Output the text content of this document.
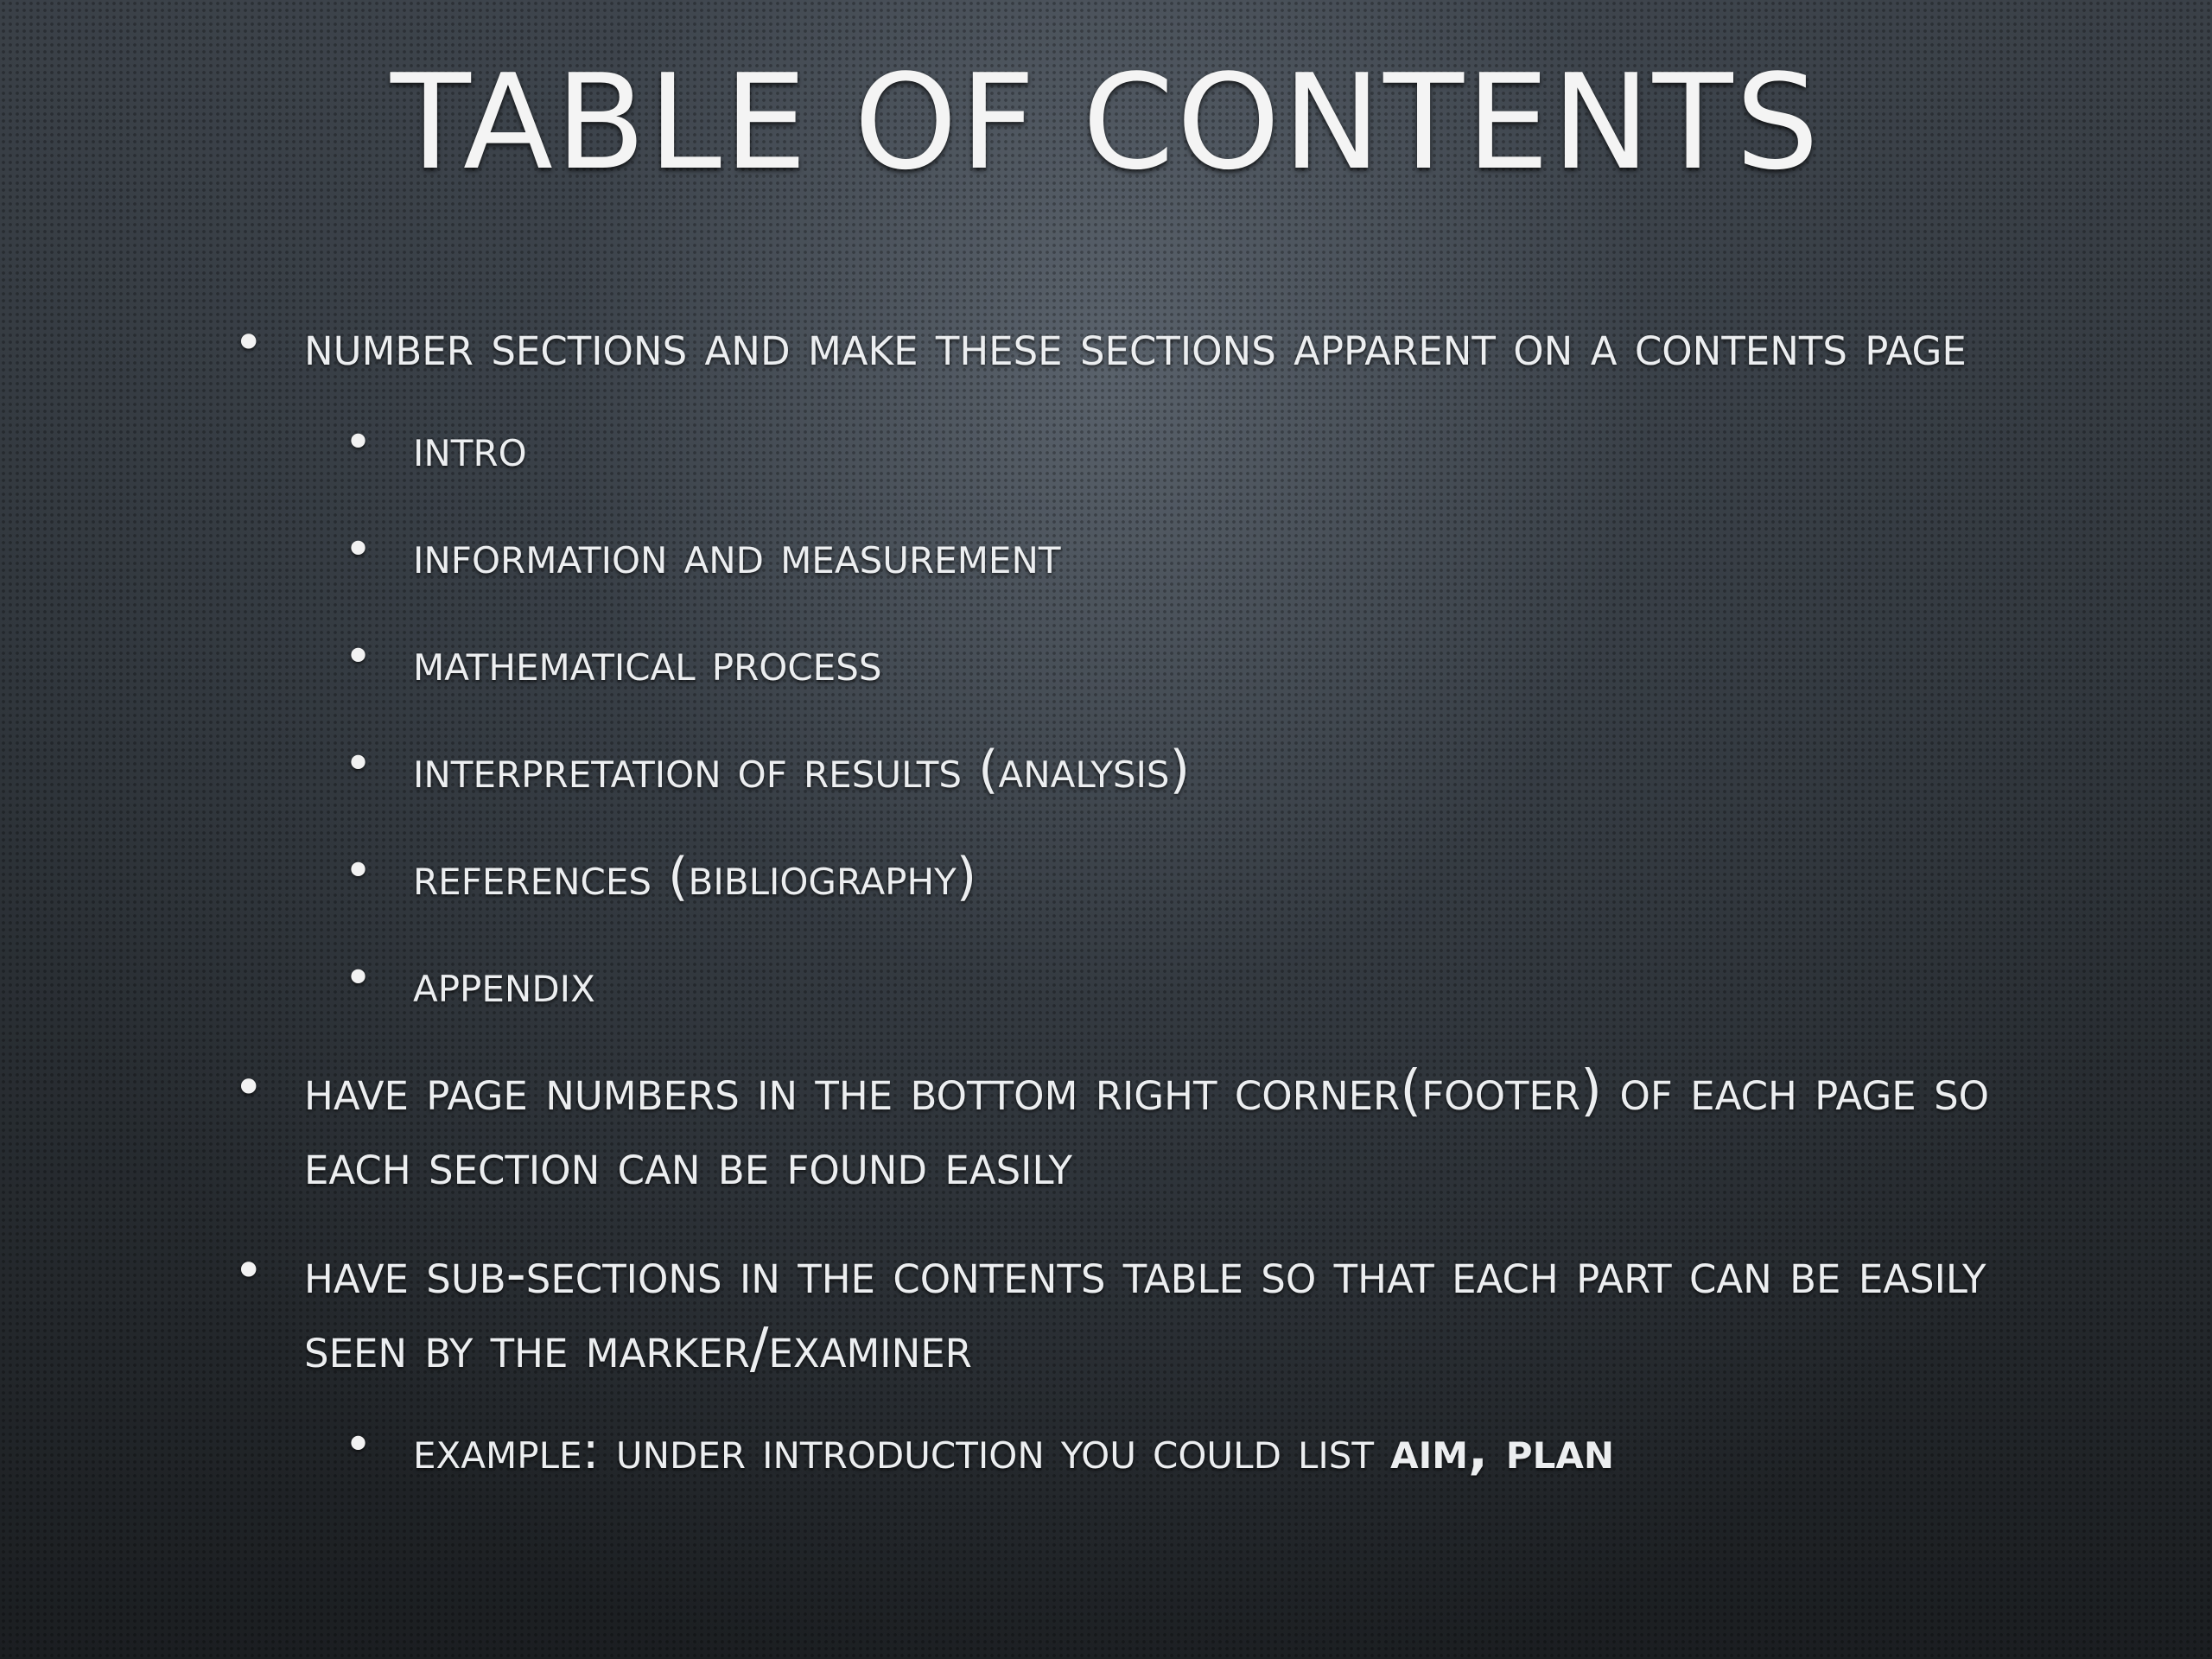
TABLE OF CONTENTS
• number sections and make these sections apparent on a contents page
• intro
• information and measurement
• mathematical process
• interpretation of results (analysis)
• references (bibliography)
• appendix
• have page numbers in the bottom right corner(footer) of each page so each section can be found easily
• have sub-sections in the contents table so that each part can be easily seen by the marker/examiner
• example: under introduction you could list aim, plan
